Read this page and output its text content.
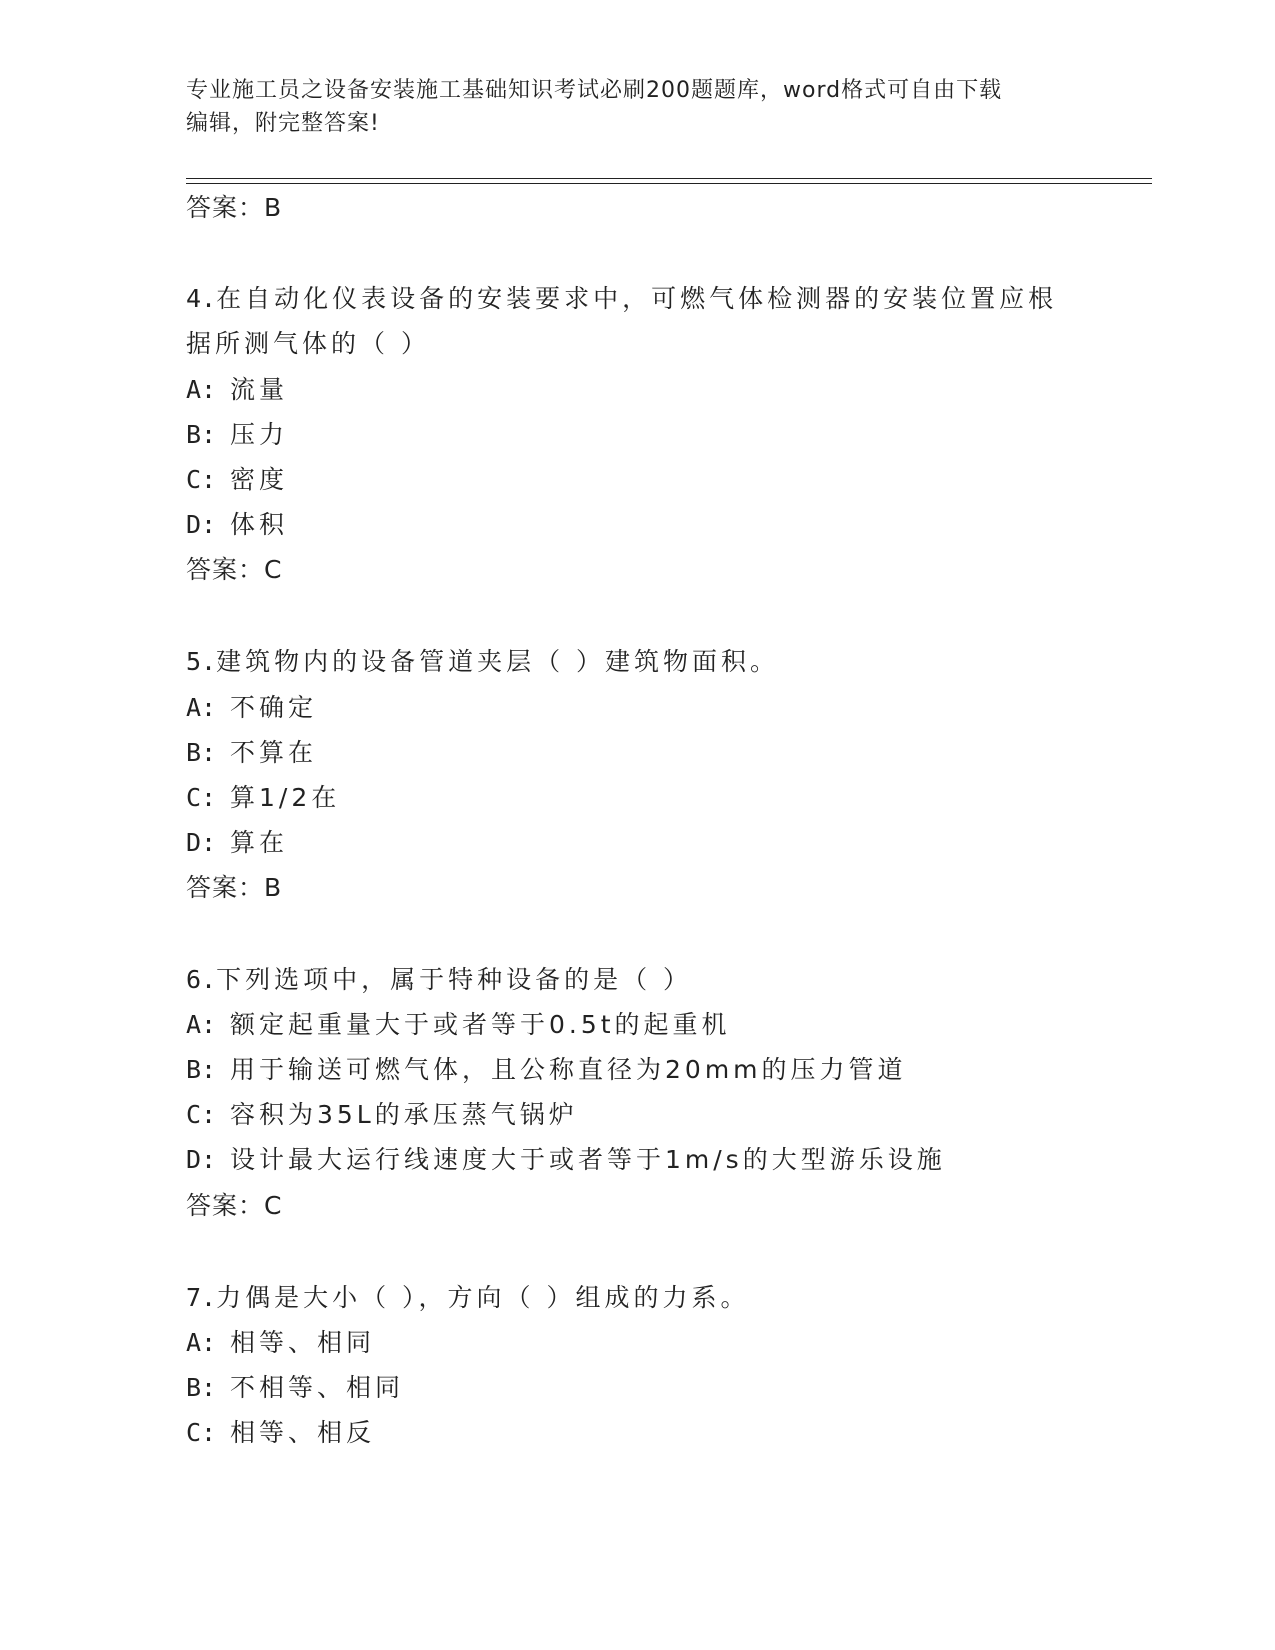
专业施工员之设备安装施工基础知识考试必刷200题题库，word格式可自由下载
编辑，附完整答案!
答案：B
4.在自动化仪表设备的安装要求中，可燃气体检测器的安装位置应根
据所测气体的（ ）
A: 流量
B: 压力
C: 密度
D: 体积
答案：C
5.建筑物内的设备管道夹层（ ）建筑物面积。
A: 不确定
B: 不算在
C: 算1/2在
D: 算在
答案：B
6.下列选项中，属于特种设备的是（ ）
A: 额定起重量大于或者等于0.5t的起重机
B: 用于输送可燃气体，且公称直径为20mm的压力管道
C: 容积为35L的承压蒸气锅炉
D: 设计最大运行线速度大于或者等于1m/s的大型游乐设施
答案：C
7.力偶是大小（ ），方向（ ）组成的力系。
A: 相等、相同
B: 不相等、相同
C: 相等、相反
